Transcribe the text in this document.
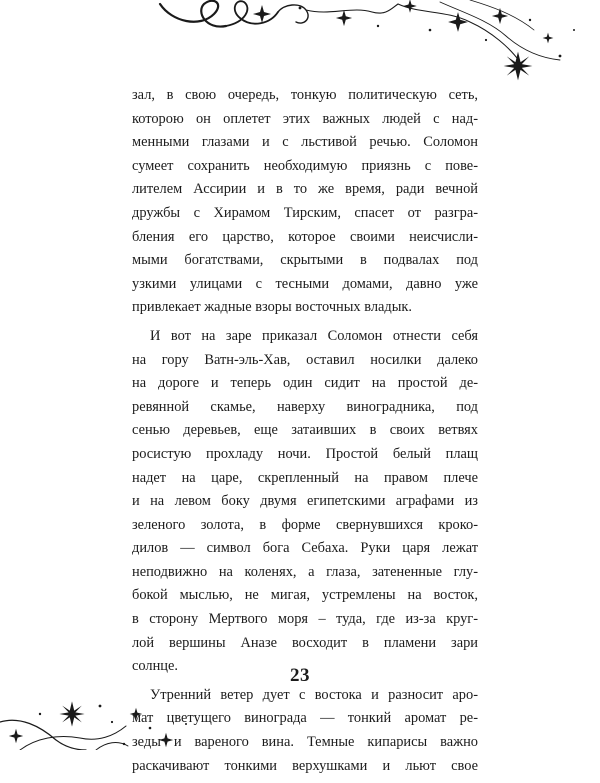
зал, в свою очередь, тонкую политическую сеть,
которою он оплетет этих важных людей с над-
менными глазами и с льстивой речью. Соломон
сумеет сохранить необходимую приязнь с пове-
лителем Ассирии и в то же время, ради вечной
дружбы с Хирамом Тирским, спасет от разгра-
бления его царство, которое своими неисчисли-
мыми богатствами, скрытыми в подвалах под
узкими улицами с тесными домами, давно уже
привлекает жадные взоры восточных владык.

И вот на заре приказал Соломон отнести себя
на гору Ватн-эль-Хав, оставил носилки далеко
на дороге и теперь один сидит на простой де-
ревянной скамье, наверху виноградника, под
сенью деревьев, еще затаивших в своих ветвях
росистую прохладу ночи. Простой белый плащ
надет на царе, скрепленный на правом плече
и на левом боку двумя египетскими аграфами из
зеленого золота, в форме свернувшихся кроко-
дилов — символ бога Себаха. Руки царя лежат
неподвижно на коленях, а глаза, затененные глу-
бокой мыслью, не мигая, устремлены на восток,
в сторону Мертвого моря – туда, где из-за круг-
лой вершины Аназе восходит в пламени зари
солнце.

Утренний ветер дует с востока и разносит аро-
мат цветущего винограда — тонкий аромат ре-
зеды и вареного вина. Темные кипарисы важно
раскачивают тонкими верхушками и льют свое

23
